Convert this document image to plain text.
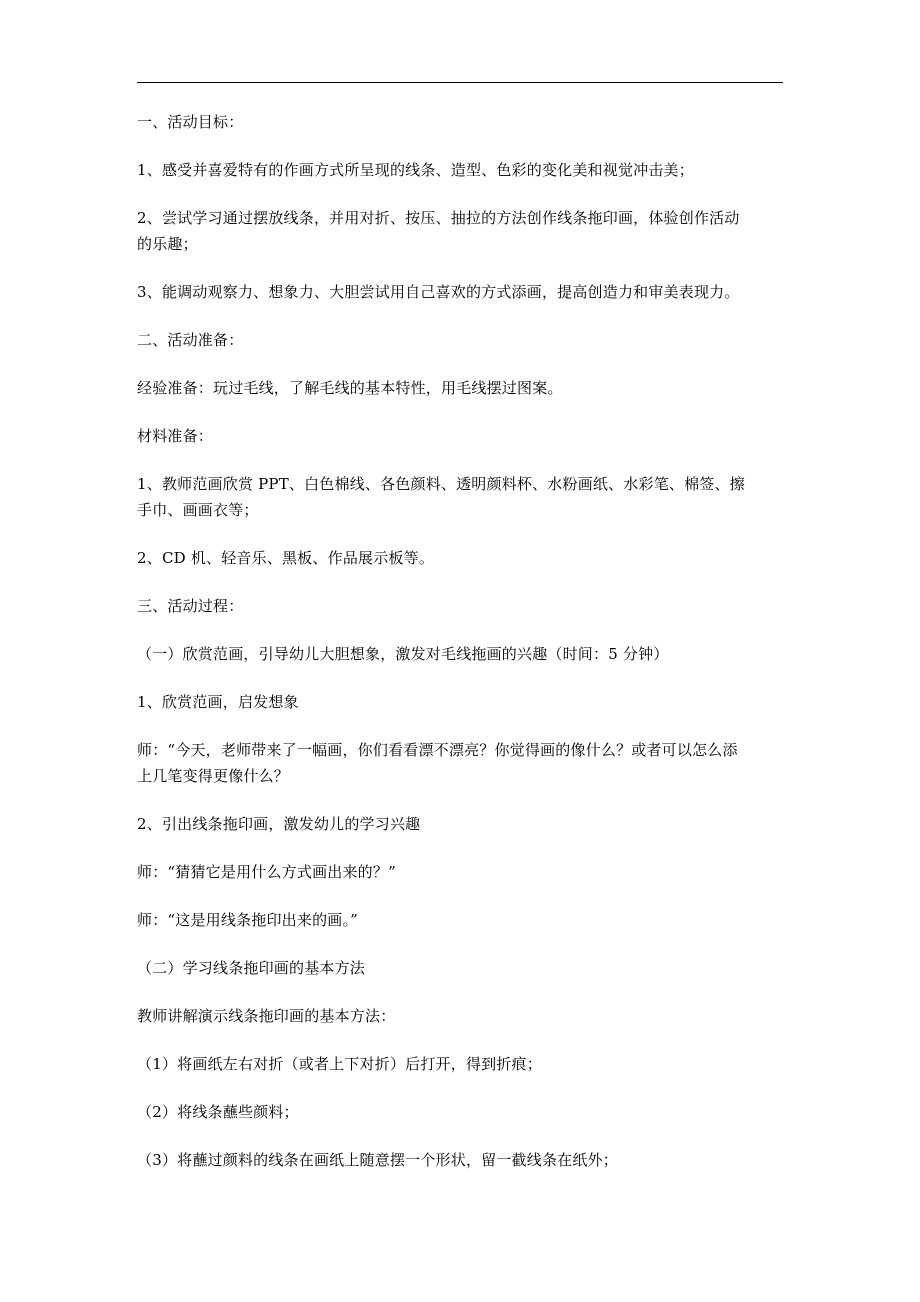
一、活动目标：
1、感受并喜爱特有的作画方式所呈现的线条、造型、色彩的变化美和视觉冲击美；
2、尝试学习通过摆放线条，并用对折、按压、抽拉的方法创作线条拖印画，体验创作活动
的乐趣；
3、能调动观察力、想象力、大胆尝试用自己喜欢的方式添画，提高创造力和审美表现力。
二、活动准备：
经验准备：玩过毛线，了解毛线的基本特性，用毛线摆过图案。
材料准备：
1、教师范画欣赏 PPT、白色棉线、各色颜料、透明颜料杯、水粉画纸、水彩笔、棉签、擦
手巾、画画衣等；
2、CD 机、轻音乐、黑板、作品展示板等。
三、活动过程：
（一）欣赏范画，引导幼儿大胆想象，激发对毛线拖画的兴趣（时间：5 分钟）
1、欣赏范画，启发想象
师：“今天，老师带来了一幅画，你们看看漂不漂亮？你觉得画的像什么？或者可以怎么添
上几笔变得更像什么？
2、引出线条拖印画，激发幼儿的学习兴趣
师：“猜猜它是用什么方式画出来的？”
师：“这是用线条拖印出来的画。”
（二）学习线条拖印画的基本方法
教师讲解演示线条拖印画的基本方法：
（1）将画纸左右对折（或者上下对折）后打开，得到折痕；
（2）将线条蘸些颜料；
（3）将蘸过颜料的线条在画纸上随意摆一个形状，留一截线条在纸外；
